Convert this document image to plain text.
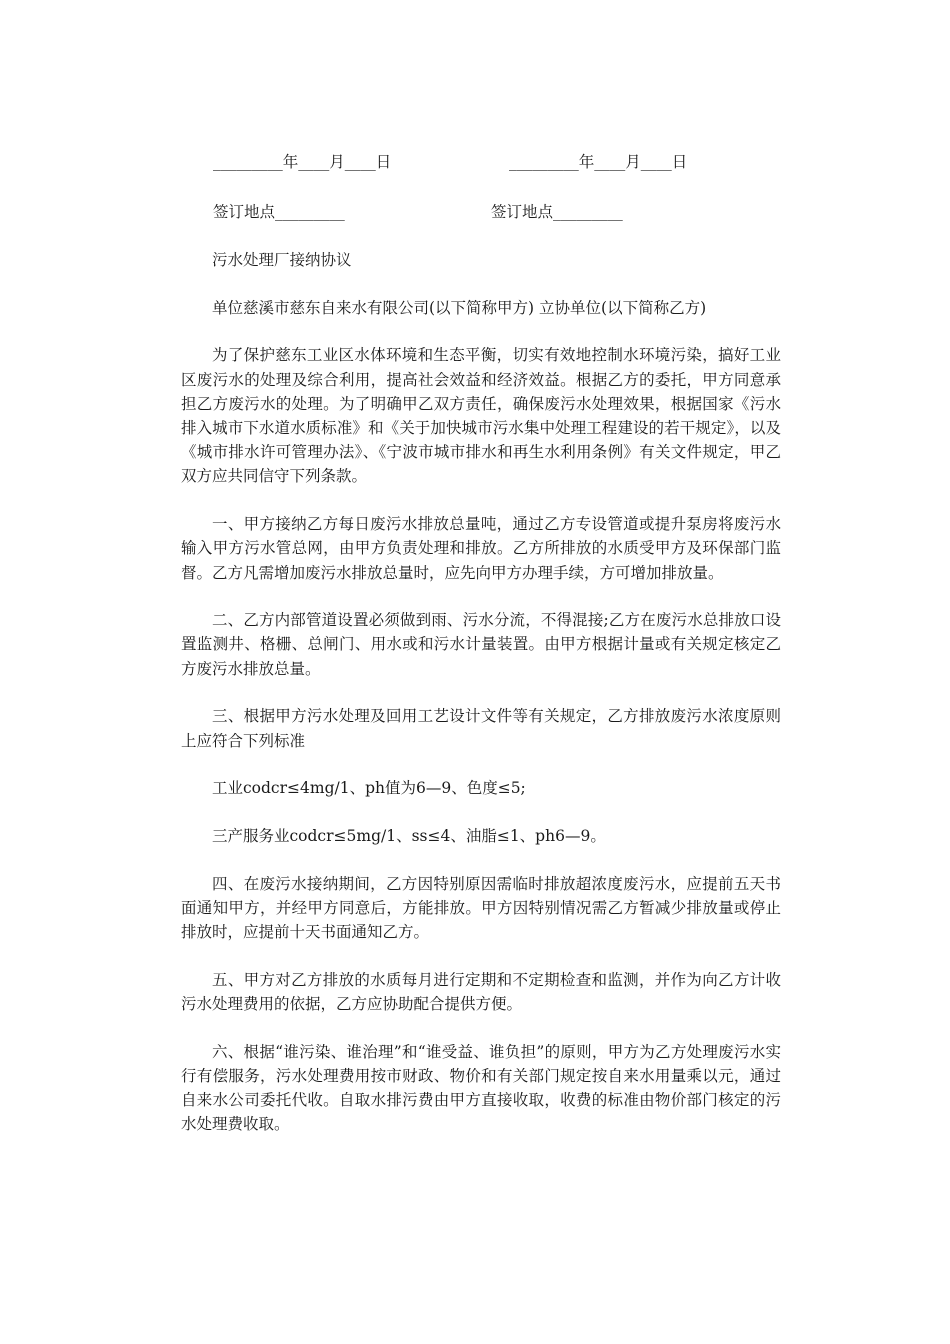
_________年____月____日	_________年____月____日
签订地点_________	签订地点_________

污水处理厂接纳协议

单位慈溪市慈东自来水有限公司(以下简称甲方) 立协单位(以下简称乙方)

为了保护慈东工业区水体环境和生态平衡，切实有效地控制水环境污染，搞好工业区废污水的处理及综合利用，提高社会效益和经济效益。根据乙方的委托，甲方同意承担乙方废污水的处理。为了明确甲乙双方责任，确保废污水处理效果，根据国家《污水排入城市下水道水质标准》和《关于加快城市污水集中处理工程建设的若干规定》，以及《城市排水许可管理办法》、《宁波市城市排水和再生水利用条例》有关文件规定，甲乙双方应共同信守下列条款。

一、甲方接纳乙方每日废污水排放总量吨，通过乙方专设管道或提升泵房将废污水输入甲方污水管总网，由甲方负责处理和排放。乙方所排放的水质受甲方及环保部门监督。乙方凡需增加废污水排放总量时，应先向甲方办理手续，方可增加排放量。

二、乙方内部管道设置必须做到雨、污水分流，不得混接;乙方在废污水总排放口设置监测井、格栅、总闸门、用水或和污水计量装置。由甲方根据计量或有关规定核定乙方废污水排放总量。

三、根据甲方污水处理及回用工艺设计文件等有关规定，乙方排放废污水浓度原则上应符合下列标准

工业codcr≤4mg/1、ph值为6—9、色度≤5;

三产服务业codcr≤5mg/1、ss≤4、油脂≤1、ph6—9。

四、在废污水接纳期间，乙方因特别原因需临时排放超浓度废污水，应提前五天书面通知甲方，并经甲方同意后，方能排放。甲方因特别情况需乙方暂减少排放量或停止排放时，应提前十天书面通知乙方。

五、甲方对乙方排放的水质每月进行定期和不定期检查和监测，并作为向乙方计收污水处理费用的依据，乙方应协助配合提供方便。

六、根据“谁污染、谁治理”和“谁受益、谁负担”的原则，甲方为乙方处理废污水实行有偿服务，污水处理费用按市财政、物价和有关部门规定按自来水用量乘以元，通过自来水公司委托代收。自取水排污费由甲方直接收取，收费的标准由物价部门核定的污水处理费收取。
